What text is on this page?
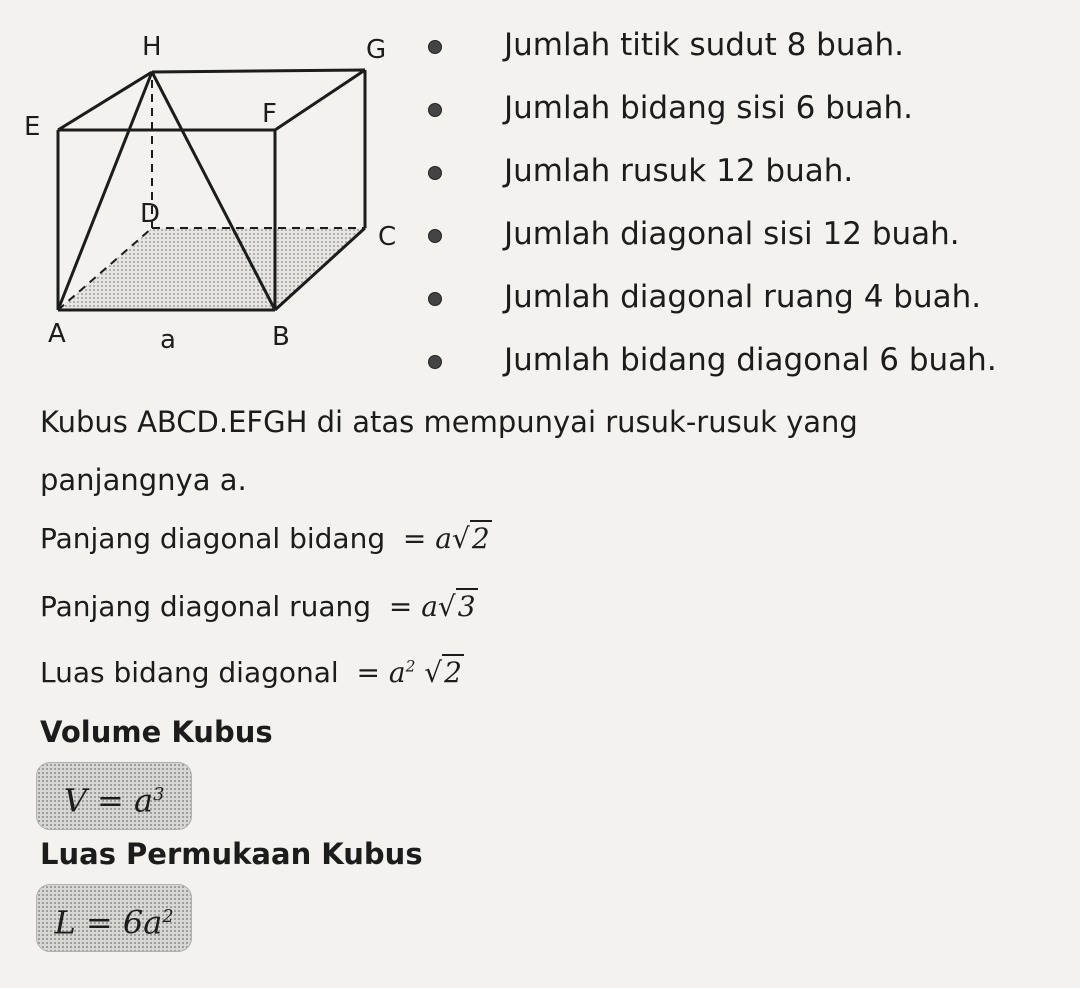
H	G
E	F
D
C
A	B
a
Jumlah titik sudut 8 buah.
Jumlah bidang sisi 6 buah.
Jumlah rusuk 12 buah.
Jumlah diagonal sisi 12 buah.
Jumlah diagonal ruang 4 buah.
Jumlah bidang diagonal 6 buah.
Kubus ABCD.EFGH di atas mempunyai rusuk-rusuk yang
panjangnya a.
Panjang diagonal bidang = a√2
Panjang diagonal ruang = a√3
Luas bidang diagonal = $a^2$ √2
Volume Kubus
$V = a^3$
Luas Permukaan Kubus
$L = 6a^2$
